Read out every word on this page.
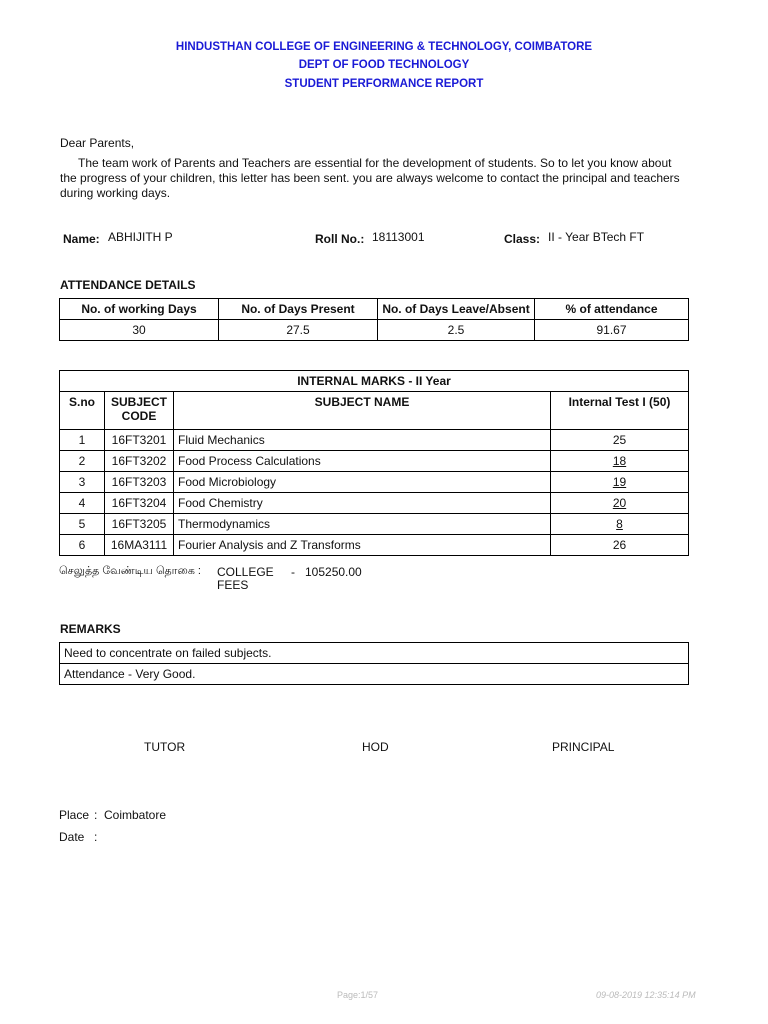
HINDUSTHAN COLLEGE OF ENGINEERING & TECHNOLOGY, COIMBATORE
DEPT OF FOOD TECHNOLOGY
STUDENT PERFORMANCE REPORT
Dear Parents,
The team work of Parents and Teachers are essential for the development of students. So to let you know about the progress of your children, this letter has been sent. you are always welcome to contact the principal and teachers during working days.
Name: ABHIJITH P	Roll No.: 18113001	Class: II - Year BTech FT
ATTENDANCE DETAILS
No. of working Days	No. of Days Present	No. of Days Leave/Absent	% of attendance
30	27.5	2.5	91.67
INTERNAL MARKS - II Year			
S.no	SUBJECT CODE	SUBJECT NAME	Internal Test I (50)
1	16FT3201	Fluid Mechanics	25
2	16FT3202	Food Process Calculations	18
3	16FT3203	Food Microbiology	19
4	16FT3204	Food Chemistry	20
5	16FT3205	Thermodynamics	8
6	16MA3111	Fourier Analysis and Z Transforms	26
செலுத்த வேண்டிய தொகை : COLLEGE
FEES
- 105250.00
REMARKS
Need to concentrate on failed subjects.
Attendance - Very Good.
TUTOR	HOD	PRINCIPAL
Place : Coimbatore
Date :
Page:1/57	09-08-2019 12:35:14 PM
